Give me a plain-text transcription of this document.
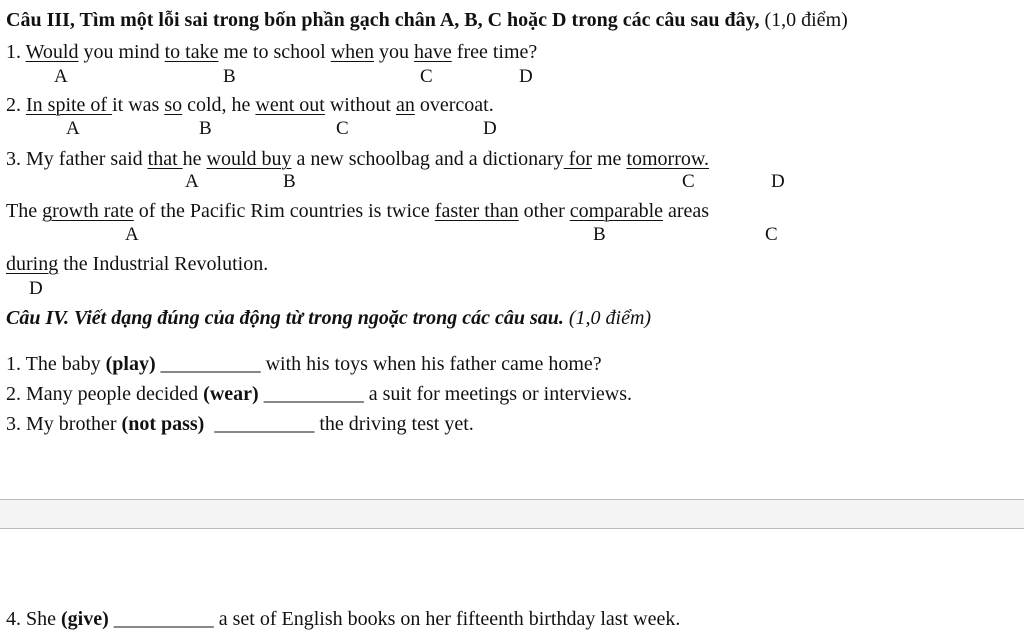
Câu III, Tìm một lỗi sai trong bốn phần gạch chân A, B, C hoặc D trong các câu sau đây, (1,0 điểm)
1. Would you mind to take me to school when you have free time?
A	B	C	D
2. In spite of it was so cold, he went out without an overcoat.
A	B	C	D
3. My father said that he would buy a new schoolbag and a dictionary for me tomorrow.
A	B	C	D
The growth rate of the Pacific Rim countries is twice faster than other comparable areas
A	B	C
during the Industrial Revolution.
D
Câu IV. Viết dạng đúng của động từ trong ngoặc trong các câu sau. (1,0 điểm)
1. The baby (play) __________ with his toys when his father came home?
2. Many people decided (wear) __________ a suit for meetings or interviews.
3. My brother (not pass)  __________ the driving test yet.
4. She (give) __________ a set of English books on her fifteenth birthday last week.
